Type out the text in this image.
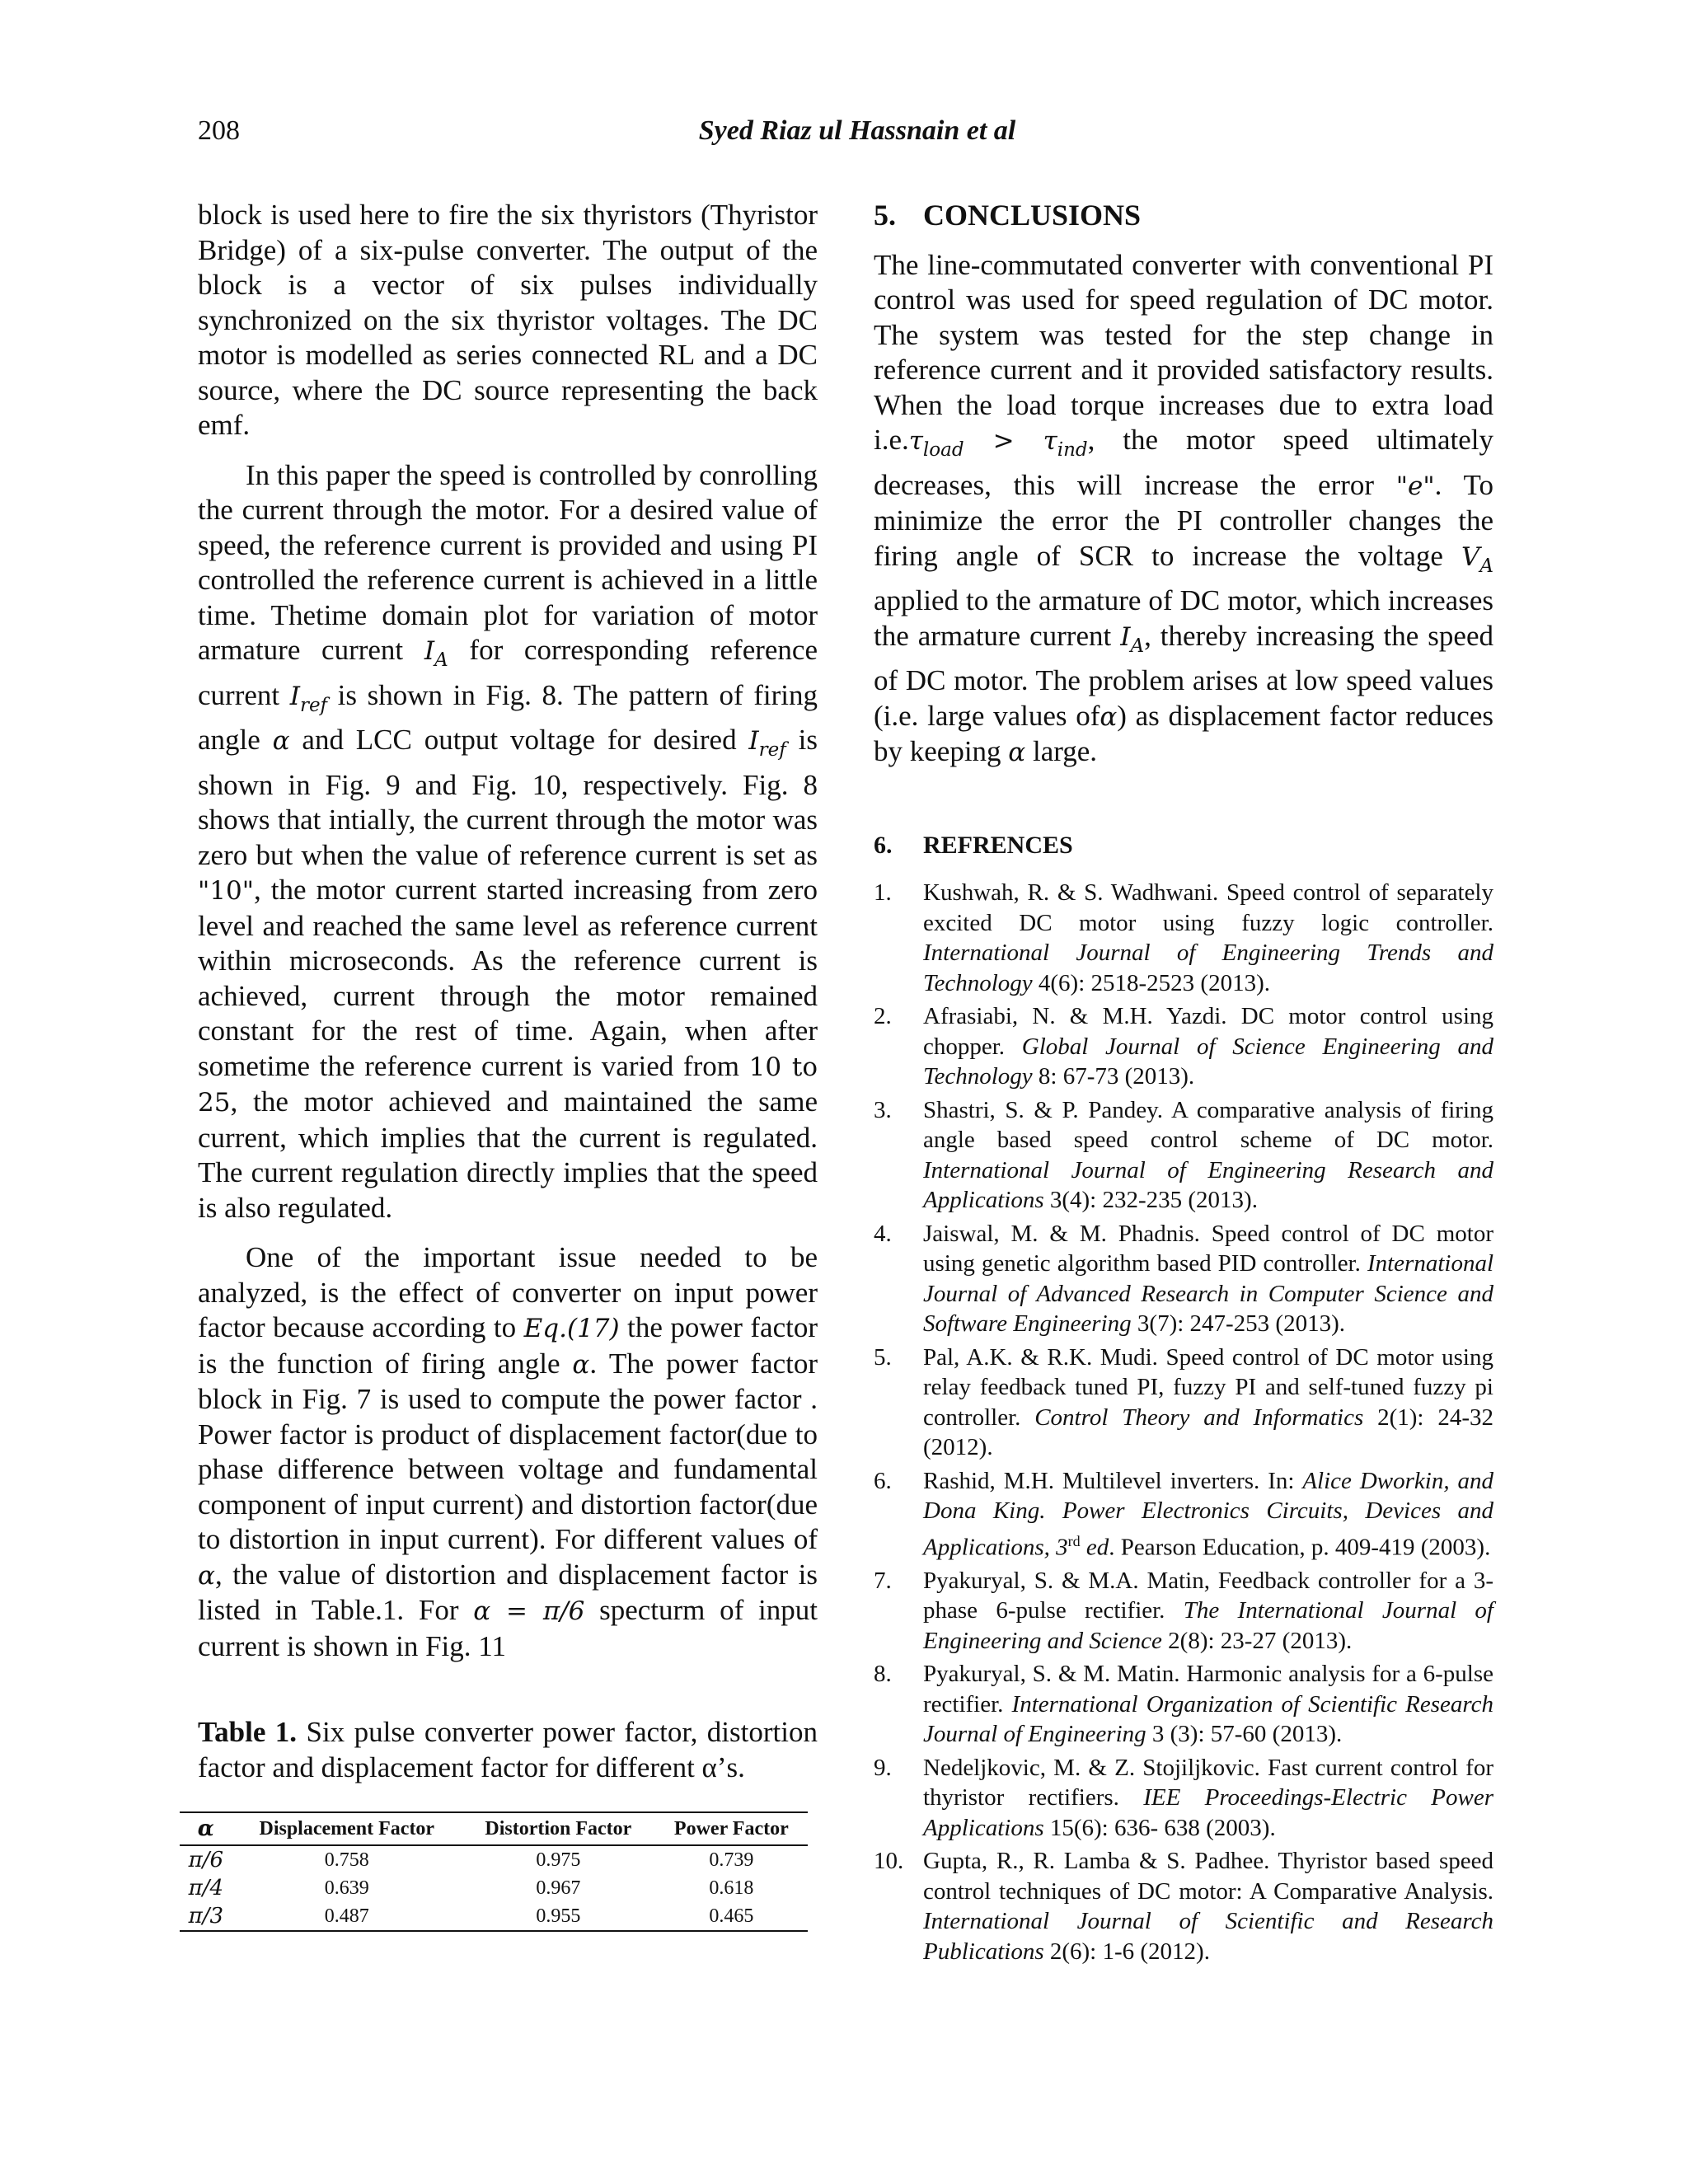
208	Syed Riaz ul Hassnain et al

block is used here to fire the six thyristors (Thyristor Bridge) of a six-pulse converter. The output of the block is a vector of six pulses individually synchronized on the six thyristor voltages. The DC motor is modelled as series connected RL and a DC source, where the DC source representing the back emf.

In this paper the speed is controlled by conrolling the current through the motor. For a desired value of speed, the reference current is provided and using PI controlled the reference current is achieved in a little time. Thetime domain plot for variation of motor armature current $I_A$ for corresponding reference current $I_{ref}$ is shown in Fig. 8. The pattern of firing angle α and LCC output voltage for desired $I_{ref}$ is shown in Fig. 9 and Fig. 10, respectively. Fig. 8 shows that intially, the current through the motor was zero but when the value of reference current is set as "10", the motor current started increasing from zero level and reached the same level as reference current within microseconds. As the reference current is achieved, current through the motor remained constant for the rest of time. Again, when after sometime the reference current is varied from 10 to 25, the motor achieved and maintained the same current, which implies that the current is regulated. The current regulation directly implies that the speed is also regulated.

One of the important issue needed to be analyzed, is the effect of converter on input power factor because according to Eq.(17) the power factor is the function of firing angle α. The power factor block in Fig. 7 is used to compute the power factor . Power factor is product of displacement factor(due to phase difference between voltage and fundamental component of input current) and distortion factor(due to distortion in input current). For different values of α, the value of distortion and displacement factor is listed in Table.1. For α = π/6 specturm of input current is shown in Fig. 11

Table 1. Six pulse converter power factor, distortion factor and displacement factor for different α’s.

α	Displacement Factor	Distortion Factor	Power Factor
π/6	0.758	0.975	0.739
π/4	0.639	0.967	0.618
π/3	0.487	0.955	0.465
5. CONCLUSIONS

The line-commutated converter with conventional PI control was used for speed regulation of DC motor. The system was tested for the step change in reference current and it provided satisfactory results. When the load torque increases due to extra load $i.e.\tau_{load} > \tau_{ind}$, the motor speed ultimately decreases, this will increase the error "e". To minimize the error the PI controller changes the firing angle of SCR to increase the voltage $V_A$ applied to the armature of DC motor, which increases the armature current $I_A$, thereby increasing the speed of DC motor. The problem arises at low speed values (i.e. large values ofα) as displacement factor reduces by keeping α large.

6. REFRENCES
1. Kushwah, R. & S. Wadhwani. Speed control of separately excited DC motor using fuzzy logic controller. International Journal of Engineering Trends and Technology 4(6): 2518-2523 (2013).
2. Afrasiabi, N. & M.H. Yazdi. DC motor control using chopper. Global Journal of Science Engineering and Technology 8: 67-73 (2013).
3. Shastri, S. & P. Pandey. A comparative analysis of firing angle based speed control scheme of DC motor. International Journal of Engineering Research and Applications 3(4): 232-235 (2013).
4. Jaiswal, M. & M. Phadnis. Speed control of DC motor using genetic algorithm based PID controller. International Journal of Advanced Research in Computer Science and Software Engineering 3(7): 247-253 (2013).
5. Pal, A.K. & R.K. Mudi. Speed control of DC motor using relay feedback tuned PI, fuzzy PI and self-tuned fuzzy pi controller. Control Theory and Informatics 2(1): 24-32 (2012).
6. Rashid, M.H. Multilevel inverters. In: Alice Dworkin, and Dona King. Power Electronics Circuits, Devices and Applications, 3rd ed. Pearson Education, p. 409-419 (2003).
7. Pyakuryal, S. & M.A. Matin, Feedback controller for a 3-phase 6-pulse rectifier. The International Journal of Engineering and Science 2(8): 23-27 (2013).
8. Pyakuryal, S. & M. Matin. Harmonic analysis for a 6-pulse rectifier. International Organization of Scientific Research Journal of Engineering 3 (3): 57-60 (2013).
9. Nedeljkovic, M. & Z. Stojiljkovic. Fast current control for thyristor rectifiers. IEE Proceedings-Electric Power Applications 15(6): 636- 638 (2003).
10. Gupta, R., R. Lamba & S. Padhee. Thyristor based speed control techniques of DC motor: A Comparative Analysis. International Journal of Scientific and Research Publications 2(6): 1-6 (2012).
